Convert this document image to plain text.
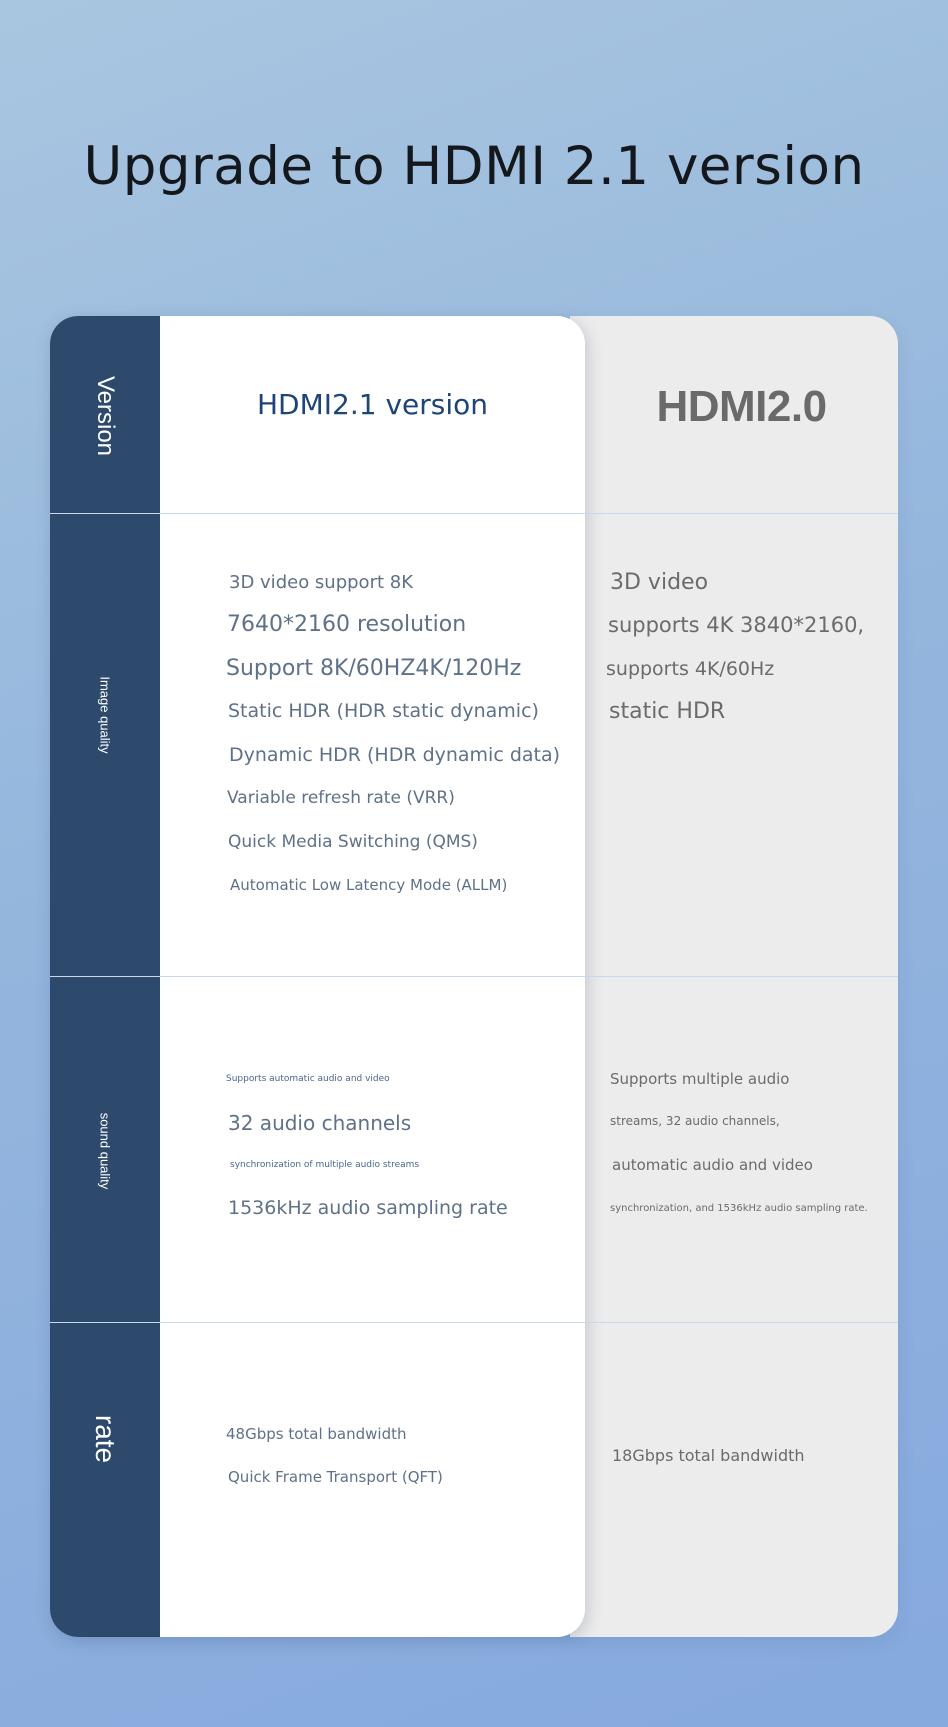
Upgrade to HDMI 2.1 version
Version
Image quality
sound quality
rate
HDMI2.1 version	HDMI2.0
3D video support 8K
7640*2160 resolution
Support 8K/60HZ4K/120Hz
Static HDR (HDR static dynamic)
Dynamic HDR (HDR dynamic data)
Variable refresh rate (VRR)
Quick Media Switching (QMS)
Automatic Low Latency Mode (ALLM)
3D video
supports 4K 3840*2160,
supports 4K/60Hz
static HDR
Supports automatic audio and video
32 audio channels
synchronization of multiple audio streams
1536kHz audio sampling rate
Supports multiple audio
streams, 32 audio channels,
automatic audio and video
synchronization, and 1536kHz audio sampling rate.
48Gbps total bandwidth
Quick Frame Transport (QFT)
18Gbps total bandwidth
